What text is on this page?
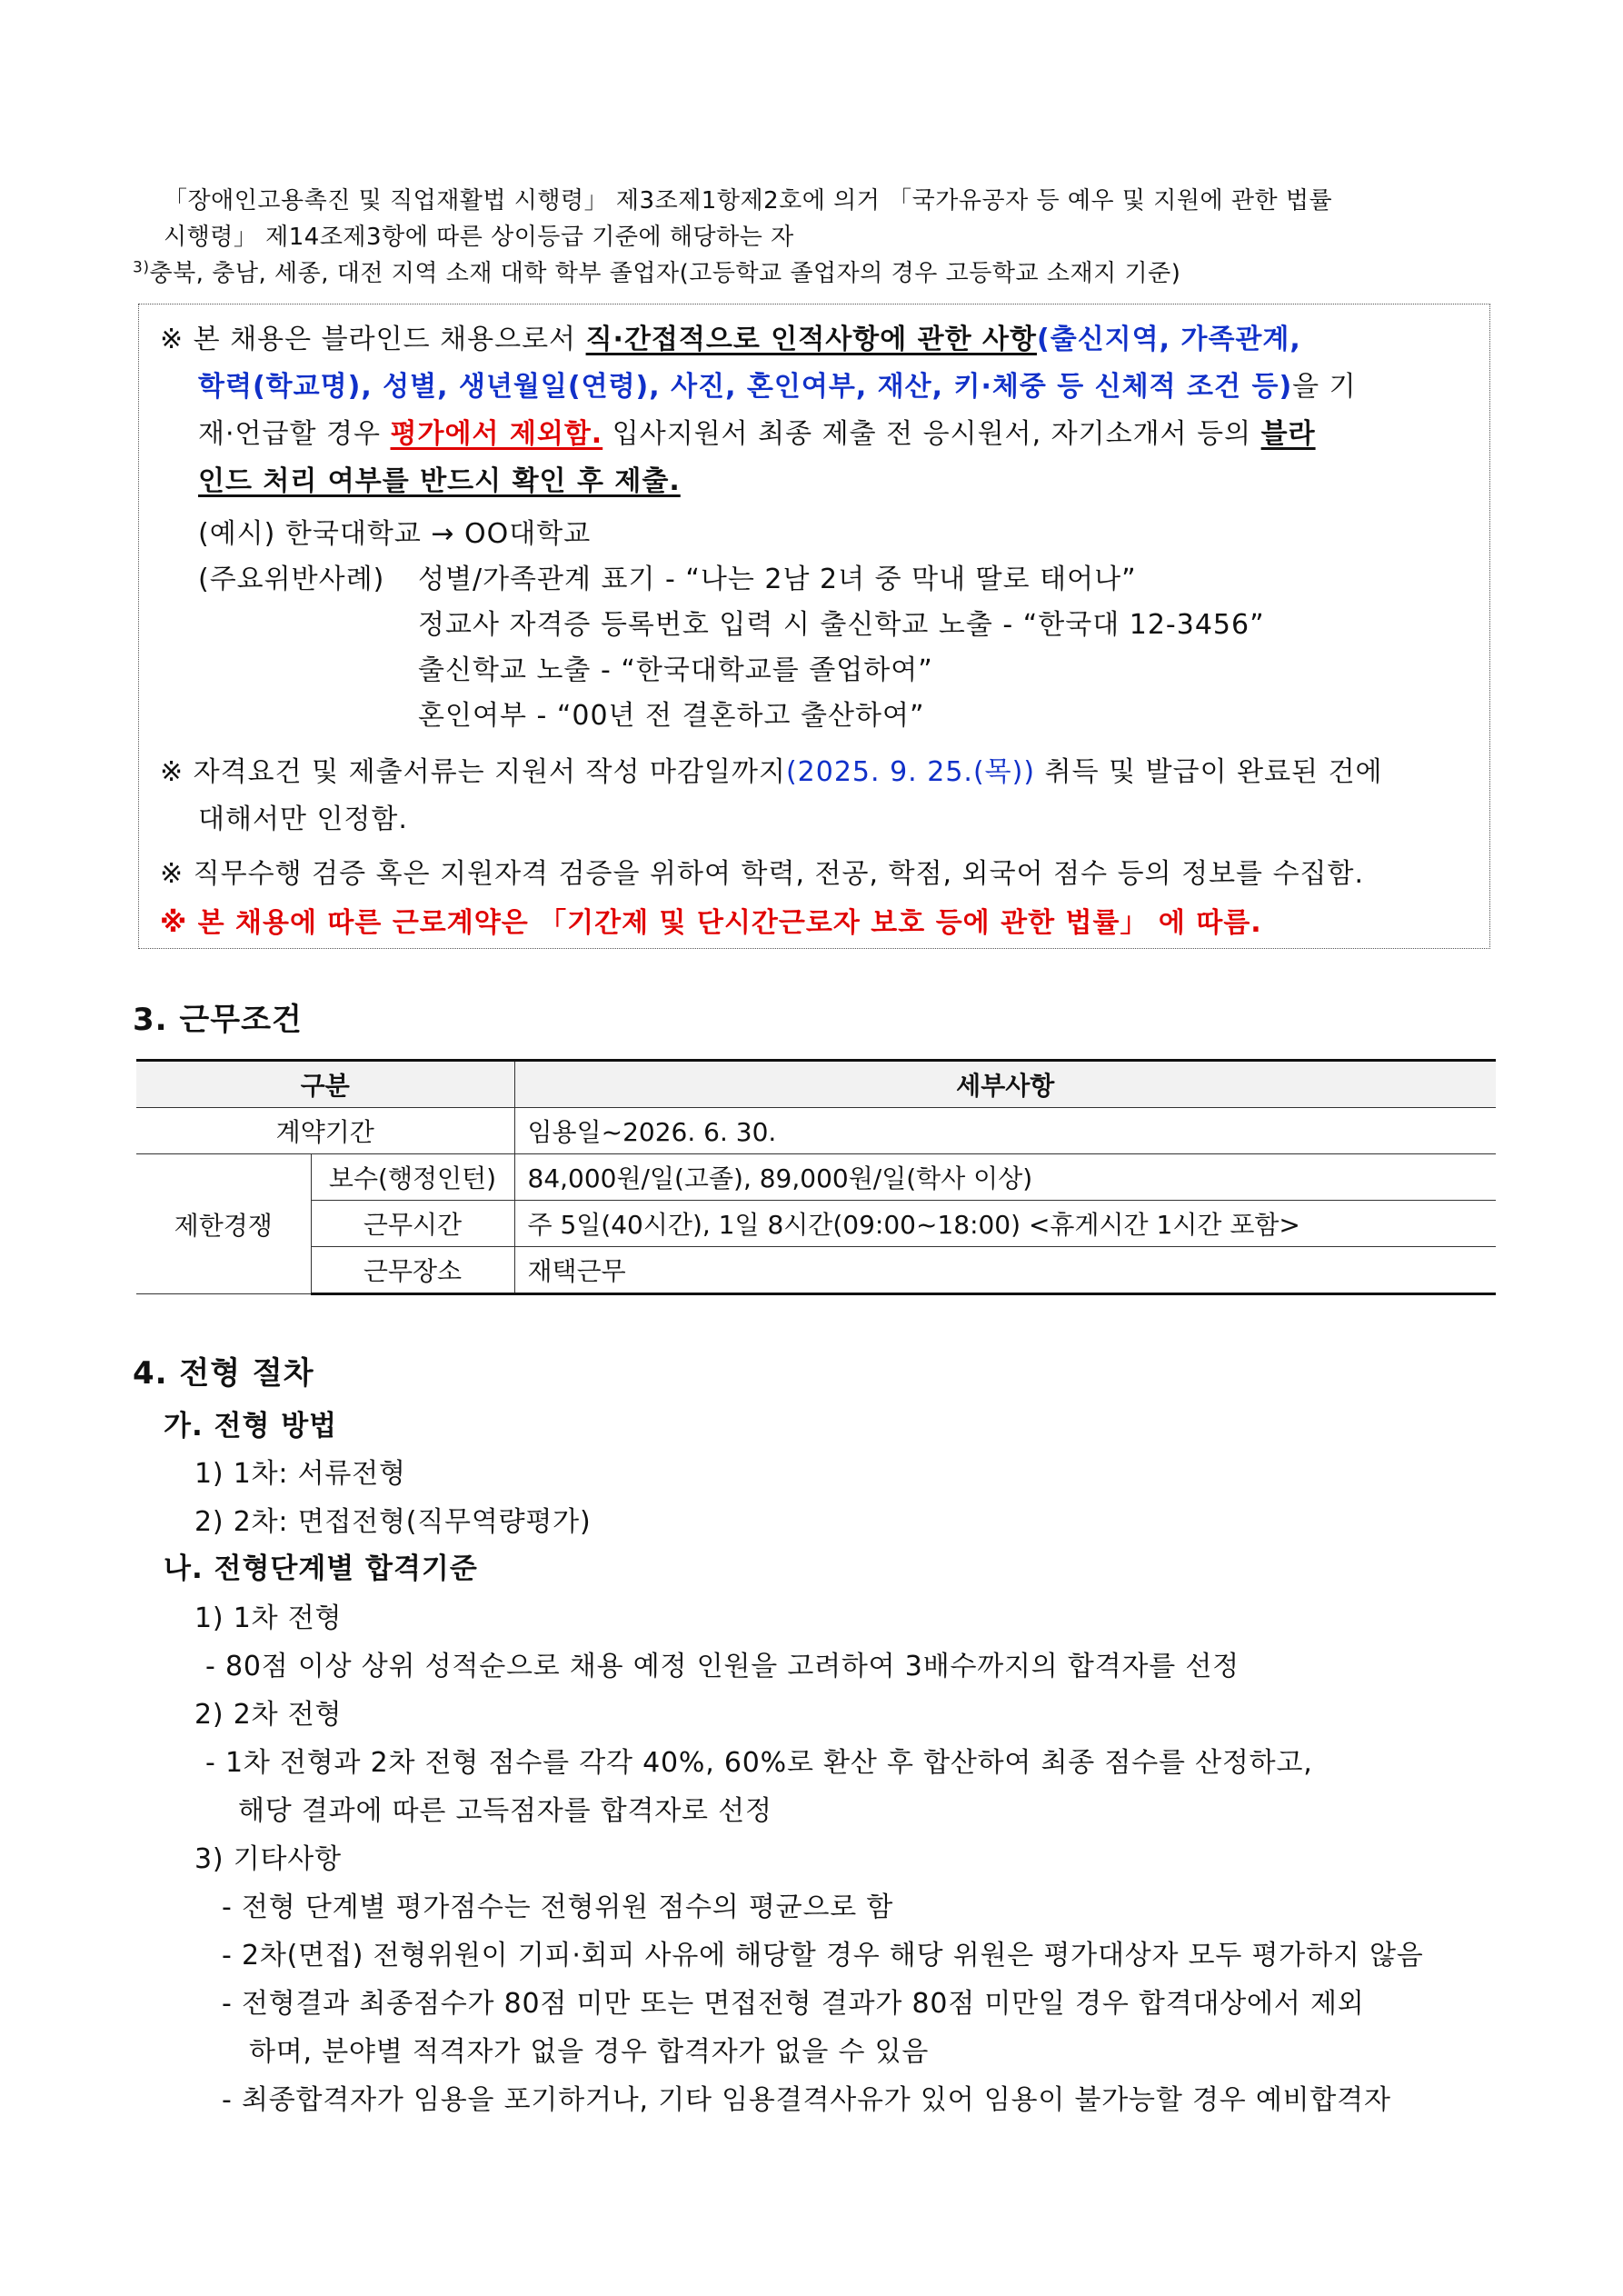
「장애인고용촉진 및 직업재활법 시행령」 제3조제1항제2호에 의거 「국가유공자 등 예우 및 지원에 관한 법률
시행령」 제14조제3항에 따른 상이등급 기준에 해당하는 자
$^{3)}$충북, 충남, 세종, 대전 지역 소재 대학 학부 졸업자(고등학교 졸업자의 경우 고등학교 소재지 기준)
※ 본 채용은 블라인드 채용으로서 직·간접적으로 인적사항에 관한 사항(출신지역, 가족관계,
학력(학교명), 성별, 생년월일(연령), 사진, 혼인여부, 재산, 키·체중 등 신체적 조건 등)을 기
재·언급할 경우 평가에서 제외함. 입사지원서 최종 제출 전 응시원서, 자기소개서 등의 블라
인드 처리 여부를 반드시 확인 후 제출.
(예시) 한국대학교 → OO대학교
(주요위반사례) 성별/가족관계 표기 - “나는 2남 2녀 중 막내 딸로 태어나”
정교사 자격증 등록번호 입력 시 출신학교 노출 - “한국대 12-3456”
출신학교 노출 - “한국대학교를 졸업하여”
혼인여부 - “00년 전 결혼하고 출산하여”
※ 자격요건 및 제출서류는 지원서 작성 마감일까지(2025. 9. 25.(목)) 취득 및 발급이 완료된 건에
대해서만 인정함.
※ 직무수행 검증 혹은 지원자격 검증을 위하여 학력, 전공, 학점, 외국어 점수 등의 정보를 수집함.
※ 본 채용에 따른 근로계약은 「기간제 및 단시간근로자 보호 등에 관한 법률」 에 따름.
3. 근무조건
구분		세부사항
계약기간		임용일~2026. 6. 30.
제한경쟁	보수(행정인턴)	84,000원/일(고졸), 89,000원/일(학사 이상)
	근무시간	주 5일(40시간), 1일 8시간(09:00~18:00) <휴게시간 1시간 포함>
	근무장소	재택근무
4. 전형 절차
가. 전형 방법
1) 1차: 서류전형
2) 2차: 면접전형(직무역량평가)
나. 전형단계별 합격기준
1) 1차 전형
- 80점 이상 상위 성적순으로 채용 예정 인원을 고려하여 3배수까지의 합격자를 선정
2) 2차 전형
- 1차 전형과 2차 전형 점수를 각각 40%, 60%로 환산 후 합산하여 최종 점수를 산정하고,
해당 결과에 따른 고득점자를 합격자로 선정
3) 기타사항
- 전형 단계별 평가점수는 전형위원 점수의 평균으로 함
- 2차(면접) 전형위원이 기피·회피 사유에 해당할 경우 해당 위원은 평가대상자 모두 평가하지 않음
- 전형결과 최종점수가 80점 미만 또는 면접전형 결과가 80점 미만일 경우 합격대상에서 제외
하며, 분야별 적격자가 없을 경우 합격자가 없을 수 있음
- 최종합격자가 임용을 포기하거나, 기타 임용결격사유가 있어 임용이 불가능할 경우 예비합격자
